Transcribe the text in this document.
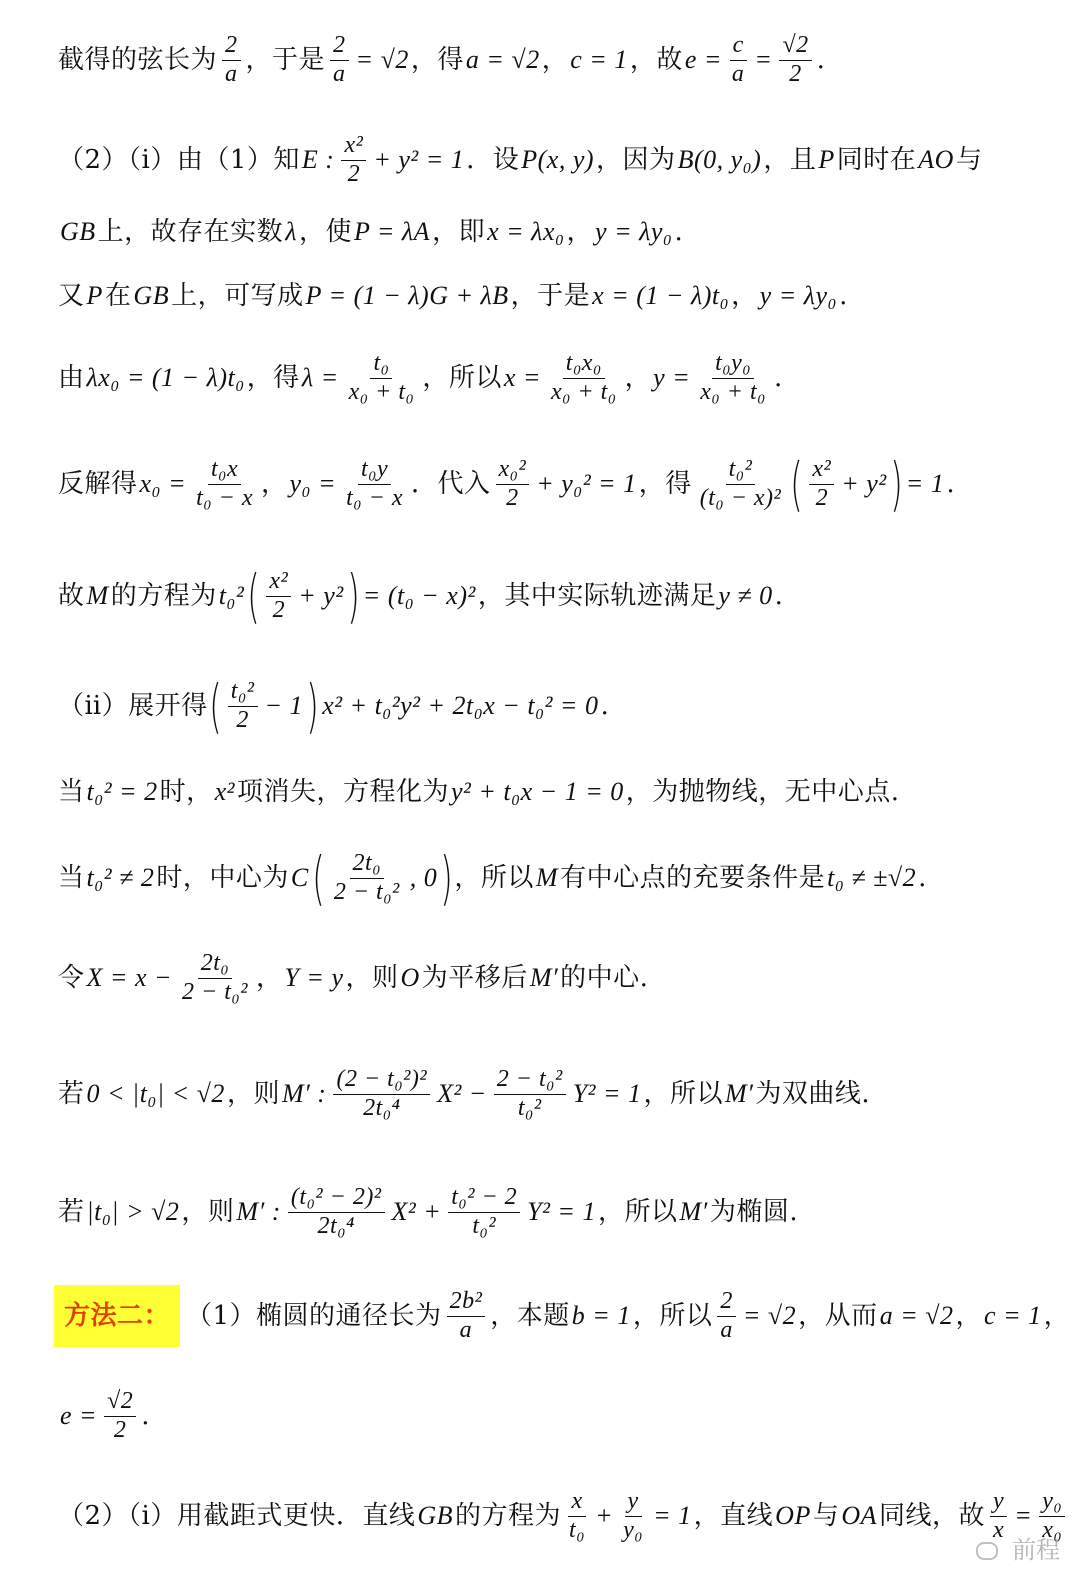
截得的弦长为 $\frac{2}{a}$ ，于是 $\frac{2}{a} = √2$ ，得 a = √2 ， c = 1 ，故 $e = \frac{c}{a} = \frac{√2}{2}$ .
（2）（ⅰ）由（1）知 E : $\frac{\text{x²}}{2} + y^2 = 1$ ．设 P(x, y) ，因为 B(0, y₀) ，且 P 同时在 AO 与
GB 上，故存在实数 λ ，使 P = λA ，即 x = λx₀ ， y = λy₀ .
又 P 在 GB 上，可写成 P = (1 − λ)G + λB ，于是 x = (1 − λ)t₀ ， y = λy₀ .
由 λx₀ = (1 − λ)t₀ ，得 $\lambda = \frac{\text{t₀}}{\text{x₀ + t₀}}$ ，所以 $x = \frac{\text{t₀x₀}}{\text{x₀ + t₀}}$ ， $y = \frac{\text{t₀y₀}}{\text{x₀ + t₀}}$ .
反解得 $x_0 = \frac{\text{t₀x}}{\text{t₀ − x}}$ ， $y_0 = \frac{\text{t₀y}}{\text{t₀ − x}}$ ．代入 $\frac{\text{x₀²}}{2} + y_0^2 = 1$ ，得 $\frac{\text{t₀²}}{\text{(t₀ − x)²}}$ ( $\frac{\text{x²}}{2} + y^2$ ) = 1 .
故 M 的方程为 t₀² ( $\frac{\text{x²}}{2} + y^2$ ) = (t₀ − x)² ，其中实际轨迹满足 y ≠ 0 .
（ⅱ）展开得 ( $\frac{\text{t₀²}}{2} - 1$ ) x² + t₀²y² + 2t₀x − t₀² = 0 .
当 t₀² = 2 时， x² 项消失，方程化为 y² + t₀x − 1 = 0 ，为抛物线，无中心点.
当 t₀² ≠ 2 时，中心为 C ( $\frac{\text{2t₀}}{\text{2 − t₀²}}$ , 0 ) ，所以 M 有中心点的充要条件是 t₀ ≠ ±√2 .
令 $X = x - \frac{\text{2t₀}}{\text{2 − t₀²}}$ ， Y = y ，则 O 为平移后 M′ 的中心.
若 0 < |t₀| < √2 ，则 M′ : $\frac{\text{(2 − t₀²)²}}{\text{2t₀⁴}} X^2 - \frac{\text{2 − t₀²}}{\text{t₀²}} Y^2 = 1$ ，所以 M′ 为双曲线.
若 |t₀| > √2 ，则 M′ : $\frac{\text{(t₀² − 2)²}}{\text{2t₀⁴}} X^2 + \frac{\text{t₀² − 2}}{\text{t₀²}} Y^2 = 1$ ，所以 M′ 为椭圆.
方法二： （1）椭圆的通径长为 $\frac{\text{2b²}}{a}$ ，本题 b = 1 ，所以 $\frac{2}{a} = √2$ ，从而 a = √2 ， c = 1 ，
$e = \frac{√2}{2}$ .
（2）（ⅰ）用截距式更快．直线 GB 的方程为 $\frac{x}{\text{t₀}} + \frac{y}{\text{y₀}} = 1$ ，直线 OP 与 OA 同线，故 $\frac{y}{x} = \frac{\text{y₀}}{\text{x₀}}$
前程
